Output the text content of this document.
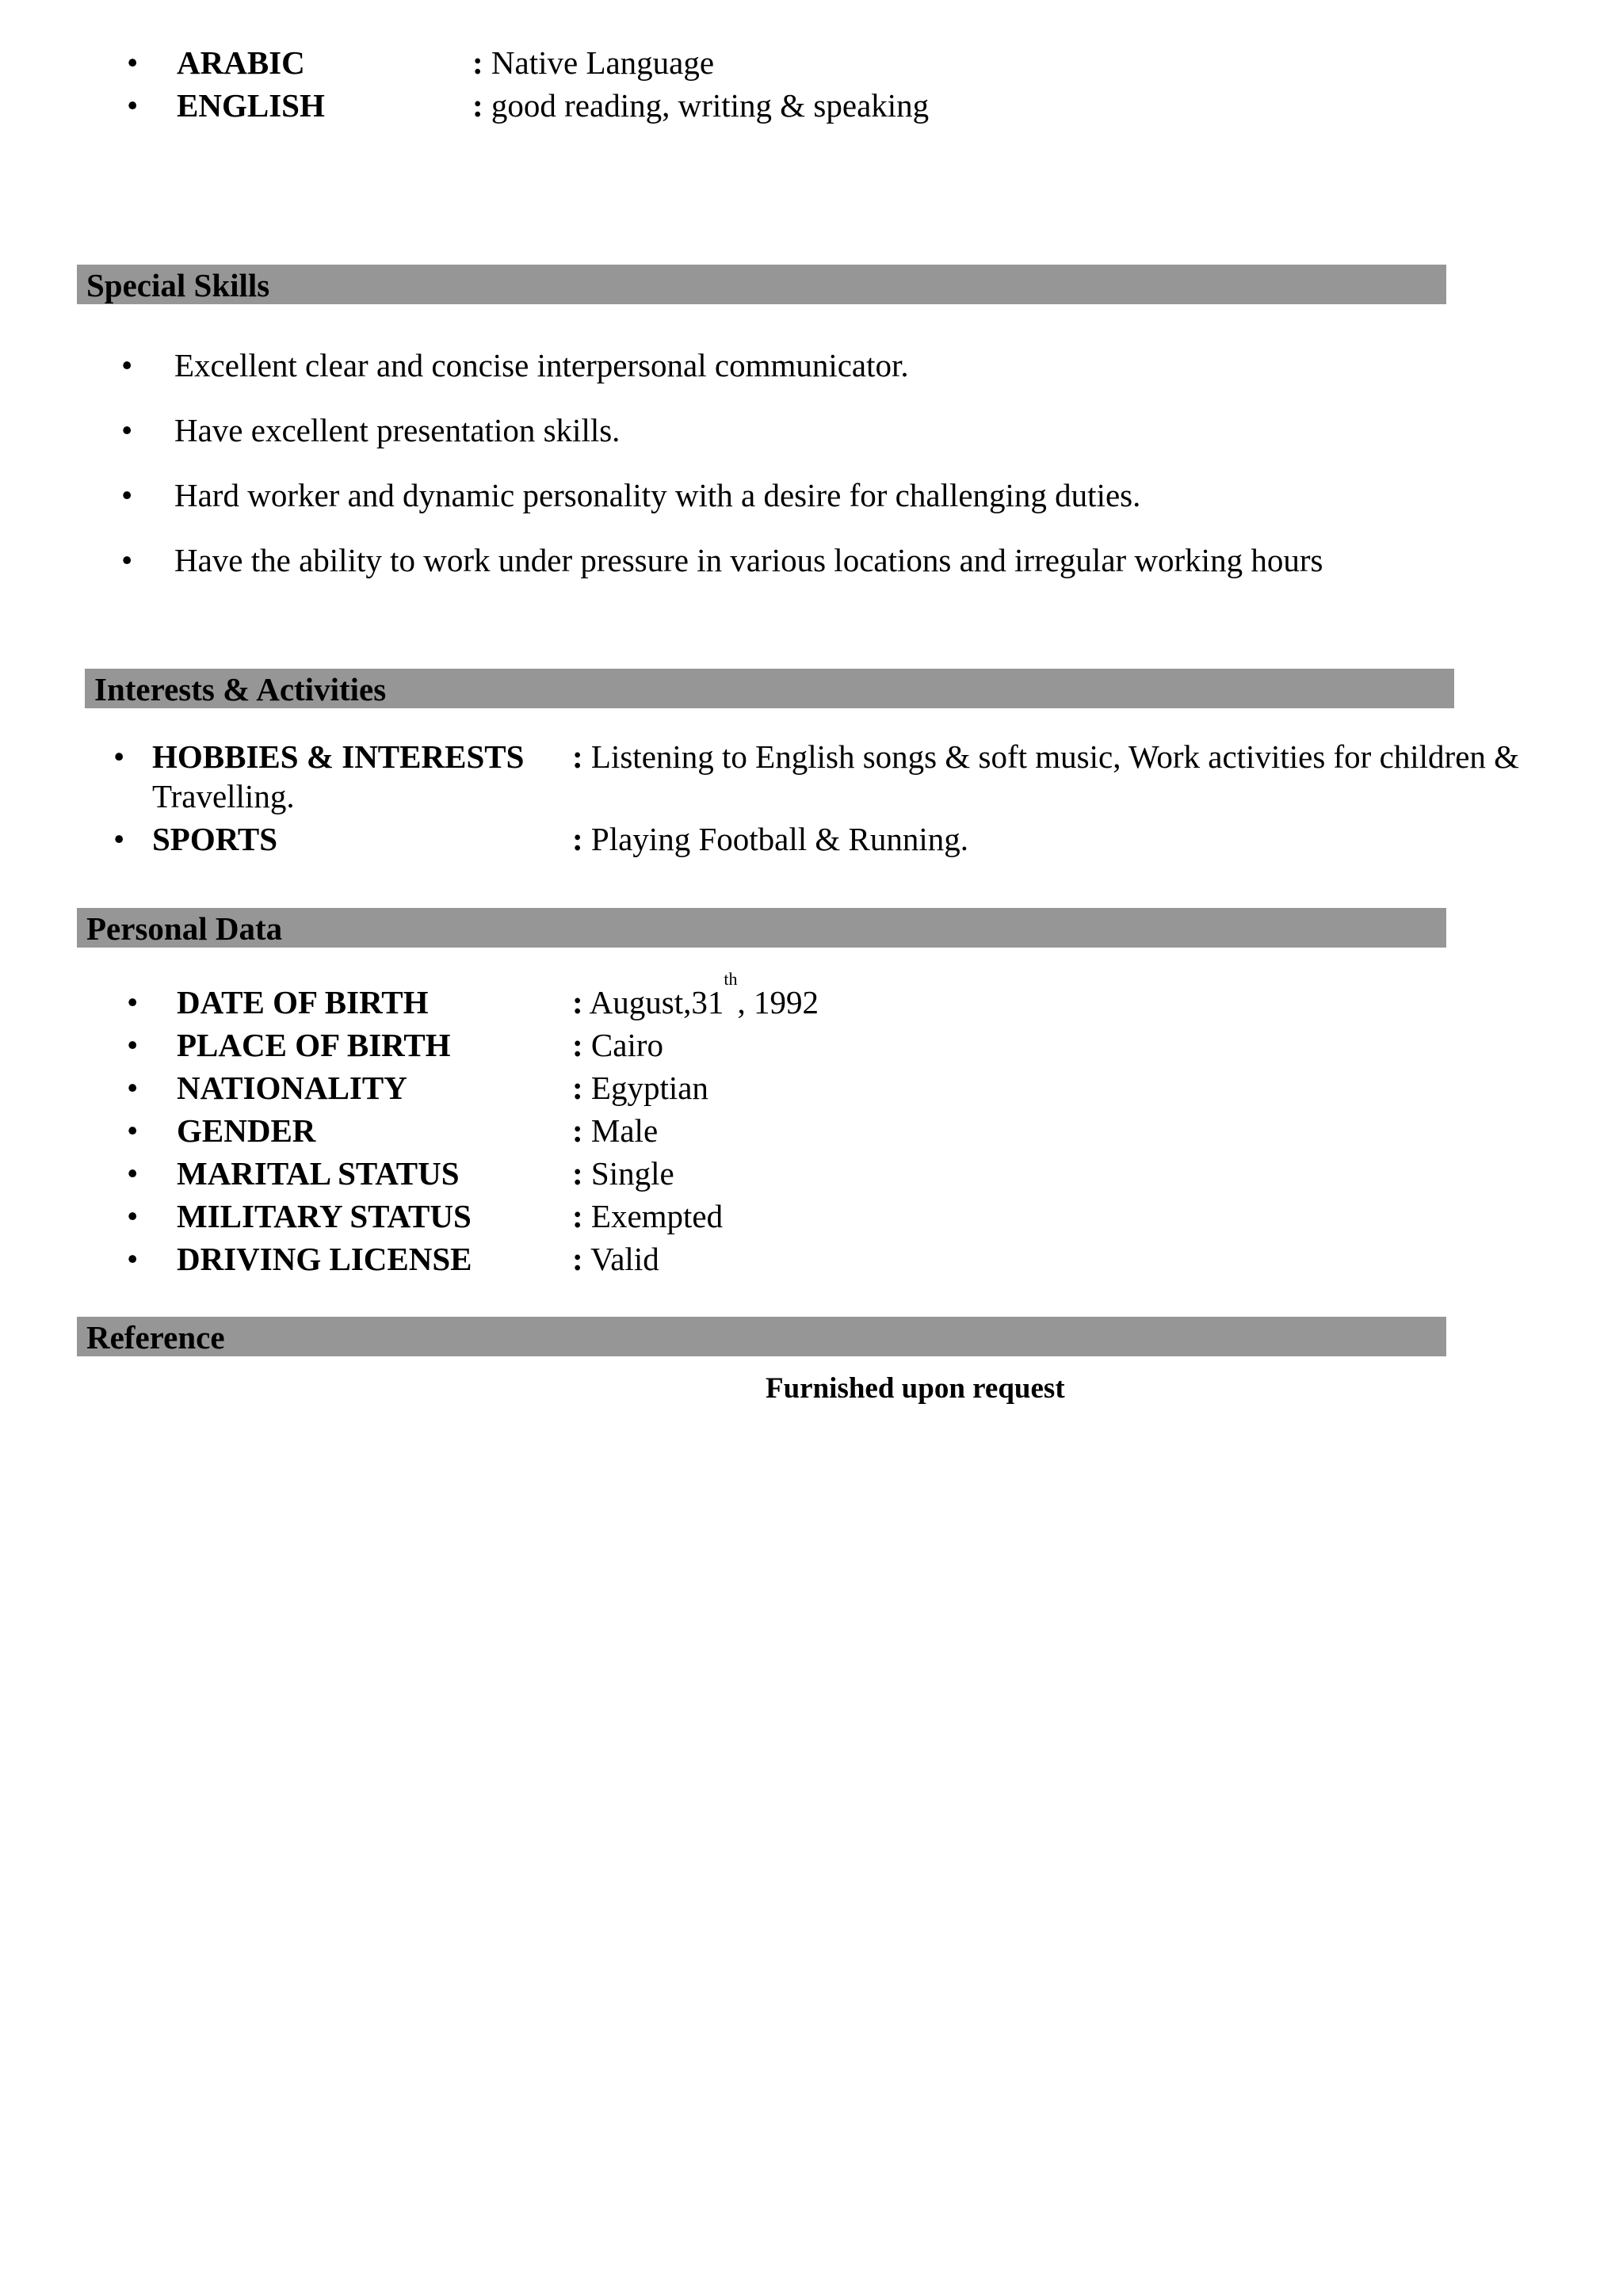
•
ARABIC	: Native Language
•
ENGLISH	: good reading, writing & speaking
Special Skills
•
Excellent clear and concise interpersonal communicator.
•
Have excellent presentation skills.
•
Hard worker and dynamic personality with a desire for challenging duties.
•
Have the ability to work under pressure in various locations and irregular working hours
Interests & Activities
•
HOBBIES & INTERESTS : Listening to English songs & soft music, Work activities for children &
Travelling.
•
SPORTS	: Playing Football & Running.
Personal Data
•
DATE OF BIRTH	: August,31th, 1992
•
PLACE OF BIRTH	: Cairo
•
NATIONALITY	: Egyptian
•
GENDER	: Male
•
MARITAL STATUS	: Single
•
MILITARY STATUS	: Exempted
•
DRIVING LICENSE	: Valid
Reference
Furnished upon request
